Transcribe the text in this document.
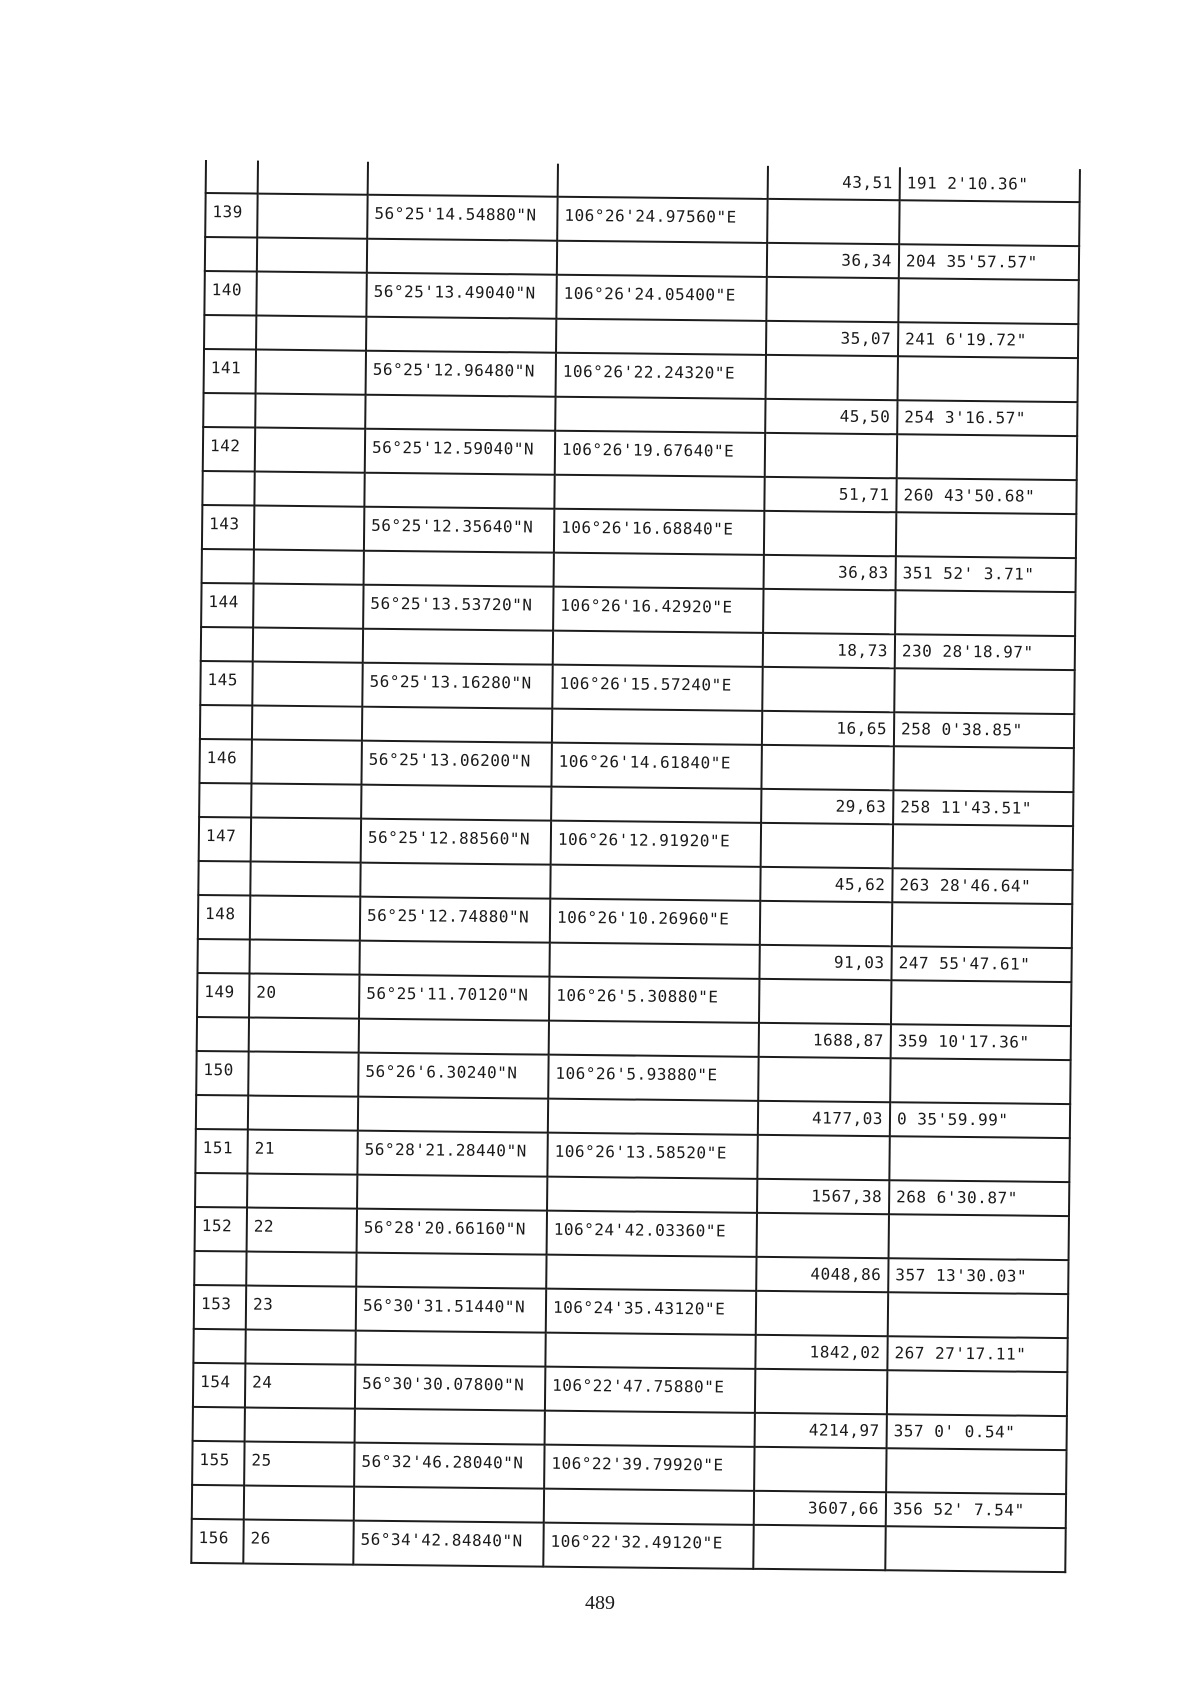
				43,51	191 2'10.36"
139		56°25'14.54880"N	106°26'24.97560"E		
				36,34	204 35'57.57"
140		56°25'13.49040"N	106°26'24.05400"E		
				35,07	241 6'19.72"
141		56°25'12.96480"N	106°26'22.24320"E		
				45,50	254 3'16.57"
142		56°25'12.59040"N	106°26'19.67640"E		
				51,71	260 43'50.68"
143		56°25'12.35640"N	106°26'16.68840"E		
				36,83	351 52' 3.71"
144		56°25'13.53720"N	106°26'16.42920"E		
				18,73	230 28'18.97"
145		56°25'13.16280"N	106°26'15.57240"E		
				16,65	258 0'38.85"
146		56°25'13.06200"N	106°26'14.61840"E		
				29,63	258 11'43.51"
147		56°25'12.88560"N	106°26'12.91920"E		
				45,62	263 28'46.64"
148		56°25'12.74880"N	106°26'10.26960"E		
				91,03	247 55'47.61"
149	20	56°25'11.70120"N	106°26'5.30880"E		
				1688,87	359 10'17.36"
150		56°26'6.30240"N	106°26'5.93880"E		
				4177,03	0 35'59.99"
151	21	56°28'21.28440"N	106°26'13.58520"E		
				1567,38	268 6'30.87"
152	22	56°28'20.66160"N	106°24'42.03360"E		
				4048,86	357 13'30.03"
153	23	56°30'31.51440"N	106°24'35.43120"E		
				1842,02	267 27'17.11"
154	24	56°30'30.07800"N	106°22'47.75880"E		
				4214,97	357 0' 0.54"
155	25	56°32'46.28040"N	106°22'39.79920"E		
				3607,66	356 52' 7.54"
156	26	56°34'42.84840"N	106°22'32.49120"E		
489
